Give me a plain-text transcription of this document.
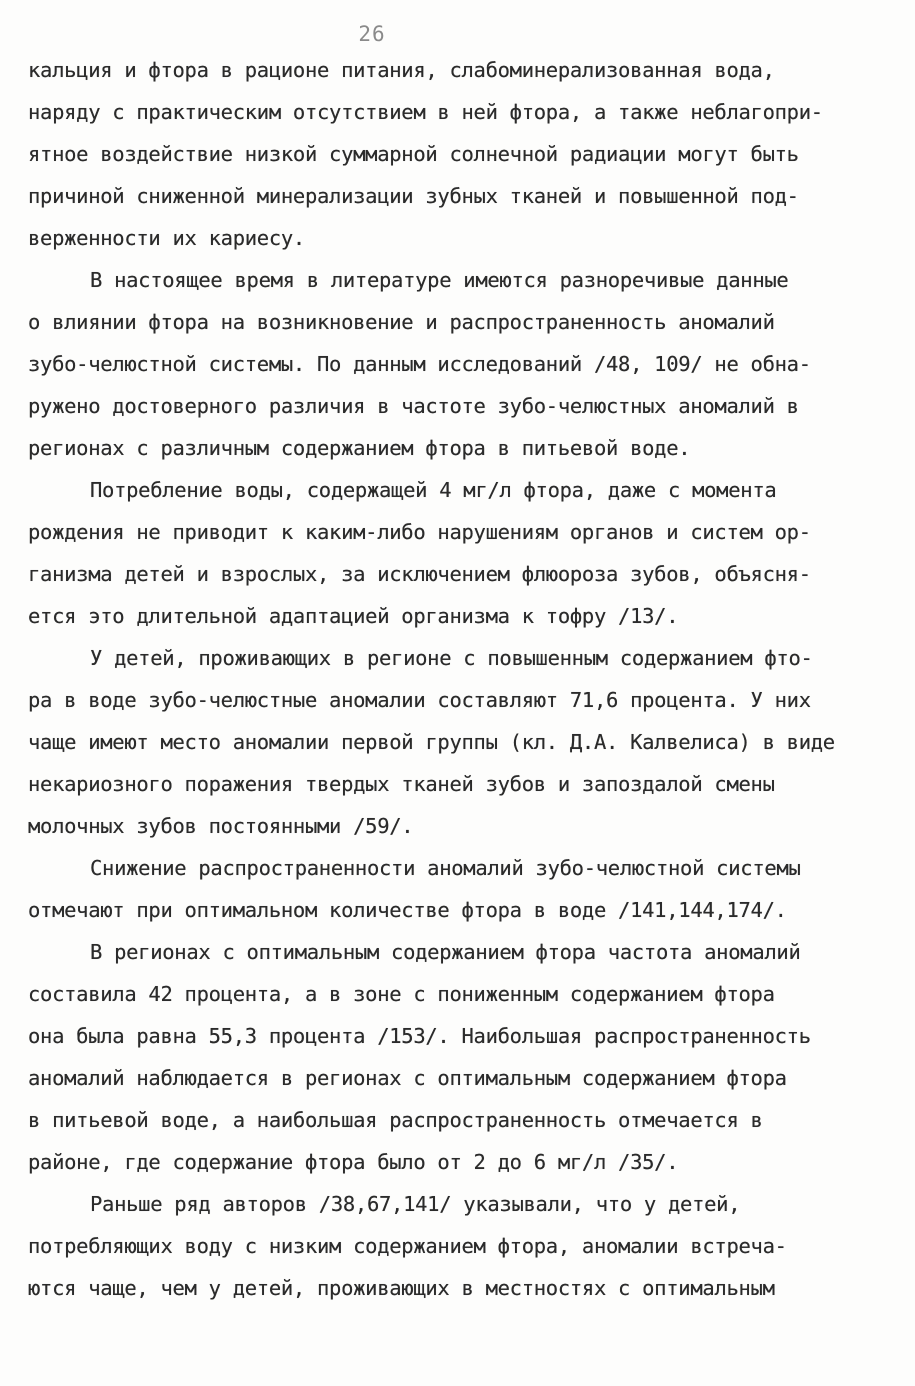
26
кальция и фтора в рационе питания, слабоминерализованная вода,
наряду с практическим отсутствием в ней фтора, а также неблагопри-
ятное воздействие низкой суммарной солнечной радиации могут быть
причиной сниженной минерализации зубных тканей и повышенной под-
верженности их кариесу.
В настоящее время в литературе имеются разноречивые данные
о влиянии фтора на возникновение и распространенность аномалий
зубо-челюстной системы. По данным исследований /48, 109/ не обна-
ружено достоверного различия в частоте зубо-челюстных аномалий в
регионах с различным содержанием фтора в питьевой воде.
Потребление воды, содержащей 4 мг/л фтора, даже с момента
рождения не приводит к каким-либо нарушениям органов и систем ор-
ганизма детей и взрослых, за исключением флюороза зубов, объясня-
ется это длительной адаптацией организма к тофру /13/.
У детей, проживающих в регионе с повышенным содержанием фто-
ра в воде зубо-челюстные аномалии составляют 71,6 процента. У них
чаще имеют место аномалии первой группы (кл. Д.А. Калвелиса) в виде
некариозного поражения твердых тканей зубов и запоздалой смены
молочных зубов постоянными /59/.
Снижение распространенности аномалий зубо-челюстной системы
отмечают при оптимальном количестве фтора в воде /141,144,174/.
В регионах с оптимальным содержанием фтора частота аномалий
составила 42 процента, а в зоне с пониженным содержанием фтора
она была равна 55,3 процента /153/. Наибольшая распространенность
аномалий наблюдается в регионах с оптимальным содержанием фтора
в питьевой воде, а наибольшая распространенность отмечается в
районе, где содержание фтора было от 2 до 6 мг/л /35/.
Раньше ряд авторов /38,67,141/ указывали, что у детей,
потребляющих воду с низким содержанием фтора, аномалии встреча-
ются чаще, чем у детей, проживающих в местностях с оптимальным
